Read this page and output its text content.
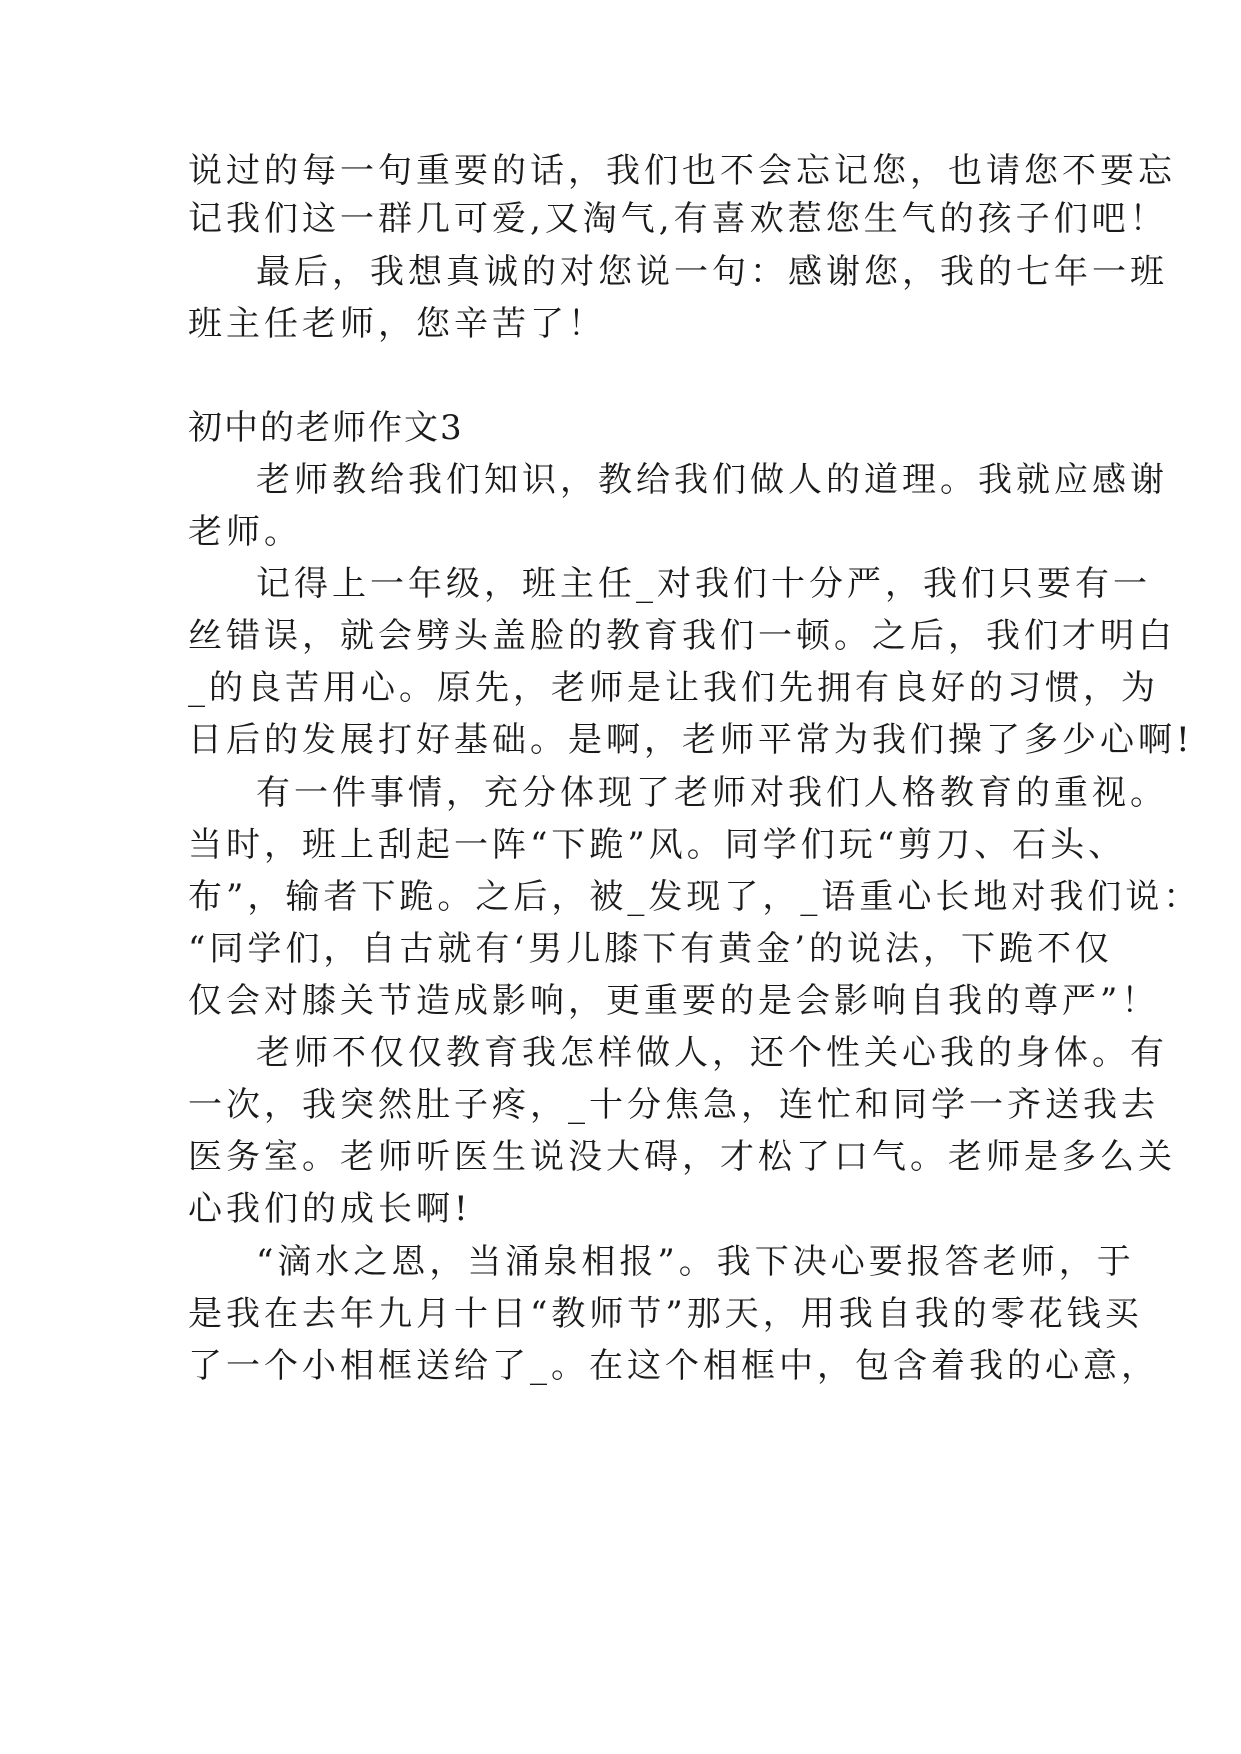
说过的每一句重要的话，我们也不会忘记您，也请您不要忘
记我们这一群几可爱,又淘气,有喜欢惹您生气的孩子们吧！
最后，我想真诚的对您说一句：感谢您，我的七年一班
班主任老师，您辛苦了！
初中的老师作文3
老师教给我们知识，教给我们做人的道理。我就应感谢
老师。
记得上一年级，班主任_对我们十分严，我们只要有一
丝错误，就会劈头盖脸的教育我们一顿。之后，我们才明白
_的良苦用心。原先，老师是让我们先拥有良好的习惯，为
日后的发展打好基础。是啊，老师平常为我们操了多少心啊!
有一件事情，充分体现了老师对我们人格教育的重视。
当时，班上刮起一阵“下跪”风。同学们玩“剪刀、石头、
布”，输者下跪。之后，被_发现了，_语重心长地对我们说：
“同学们，自古就有‘男儿膝下有黄金’的说法，下跪不仅
仅会对膝关节造成影响，更重要的是会影响自我的尊严”！
老师不仅仅教育我怎样做人，还个性关心我的身体。有
一次，我突然肚子疼，_十分焦急，连忙和同学一齐送我去
医务室。老师听医生说没大碍，才松了口气。老师是多么关
心我们的成长啊!
“滴水之恩，当涌泉相报”。我下决心要报答老师，于
是我在去年九月十日“教师节”那天，用我自我的零花钱买
了一个小相框送给了_。在这个相框中，包含着我的心意，
